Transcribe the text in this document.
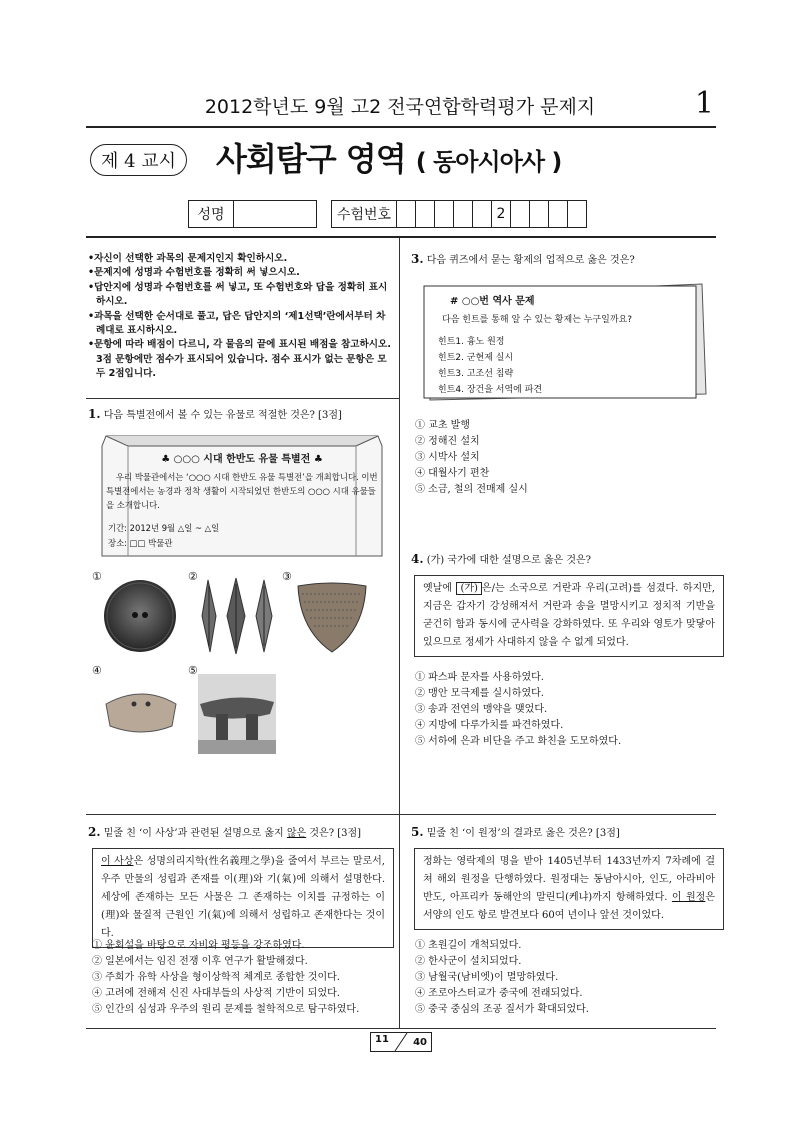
2012학년도 9월 고2 전국연합학력평가 문제지	1
제 4 교시	사회탐구 영역 ( 동아시아사 )
성명		수험번호						2				
•자신이 선택한 과목의 문제지인지 확인하시오.
•문제지에 성명과 수험번호를 정확히 써 넣으시오.
•답안지에 성명과 수험번호를 써 넣고, 또 수험번호와 답을 정확히 표시하시오.
•과목을 선택한 순서대로 풀고, 답은 답안지의 ‘제1선택’란에서부터 차례대로 표시하시오.
•문항에 따라 배점이 다르니, 각 물음의 끝에 표시된 배점을 참고하시오. 3점 문항에만 점수가 표시되어 있습니다. 점수 표시가 없는 문항은 모두 2점입니다.
1. 다음 특별전에서 볼 수 있는 유물로 적절한 것은? [3점]
♣ ○○○ 시대 한반도 유물 특별전 ♣
우리 박물관에서는 ‘○○○ 시대 한반도 유물 특별전’을 개최합니다. 이번 특별전에서는 농경과 정착 생활이 시작되었던 한반도의 ○○○ 시대 유물들을 소개합니다.
기간: 2012년 9월 △일 ~ △일
장소: □□ 박물관
①	②	③
④	⑤
2. 밑줄 친 ‘이 사상’과 관련된 설명으로 옳지 않은 것은? [3점]
이 사상은 성명의리지학(性名義理之學)을 줄여서 부르는 말로서, 우주 만물의 성립과 존재를 이(理)와 기(氣)에 의해서 설명한다. 세상에 존재하는 모든 사물은 그 존재하는 이치를 규정하는 이(理)와 물질적 근원인 기(氣)에 의해서 성립하고 존재한다는 것이다.
① 윤회설을 바탕으로 자비와 평등을 강조하였다.
② 일본에서는 임진 전쟁 이후 연구가 활발해졌다.
③ 주희가 유학 사상을 형이상학적 체계로 종합한 것이다.
④ 고려에 전해져 신진 사대부들의 사상적 기반이 되었다.
⑤ 인간의 심성과 우주의 원리 문제를 철학적으로 탐구하였다.
3. 다음 퀴즈에서 묻는 황제의 업적으로 옳은 것은?
# ○○번 역사 문제
다음 힌트를 통해 알 수 있는 황제는 누구일까요?
힌트1. 흉노 원정
힌트2. 군현제 실시
힌트3. 고조선 침략
힌트4. 장건을 서역에 파견
① 교초 발행
② 정해진 설치
③ 시박사 설치
④ 대월사기 편찬
⑤ 소금, 철의 전매제 실시
4. (가) 국가에 대한 설명으로 옳은 것은?
옛날에 (가) 은/는 소국으로 거란과 우리(고려)를 섬겼다. 하지만, 지금은 갑자기 강성해져서 거란과 송을 멸망시키고 정치적 기반을 굳건히 함과 동시에 군사력을 강화하였다. 또 우리와 영토가 맞닿아 있으므로 정세가 사대하지 않을 수 없게 되었다.
① 파스파 문자를 사용하였다.
② 맹안 모극제를 실시하였다.
③ 송과 전연의 맹약을 맺었다.
④ 지방에 다루가치를 파견하였다.
⑤ 서하에 은과 비단을 주고 화친을 도모하였다.
5. 밑줄 친 ‘이 원정’의 결과로 옳은 것은? [3점]
정화는 영락제의 명을 받아 1405년부터 1433년까지 7차례에 걸쳐 해외 원정을 단행하였다. 원정대는 동남아시아, 인도, 아라비아 반도, 아프리카 동해안의 말린디(케냐)까지 항해하였다. 이 원정은 서양의 인도 항로 발견보다 60여 년이나 앞선 것이었다.
① 초원길이 개척되었다.
② 한사군이 설치되었다.
③ 남월국(남비엣)이 멸망하였다.
④ 조로아스터교가 중국에 전래되었다.
⑤ 중국 중심의 조공 질서가 확대되었다.
11 40
